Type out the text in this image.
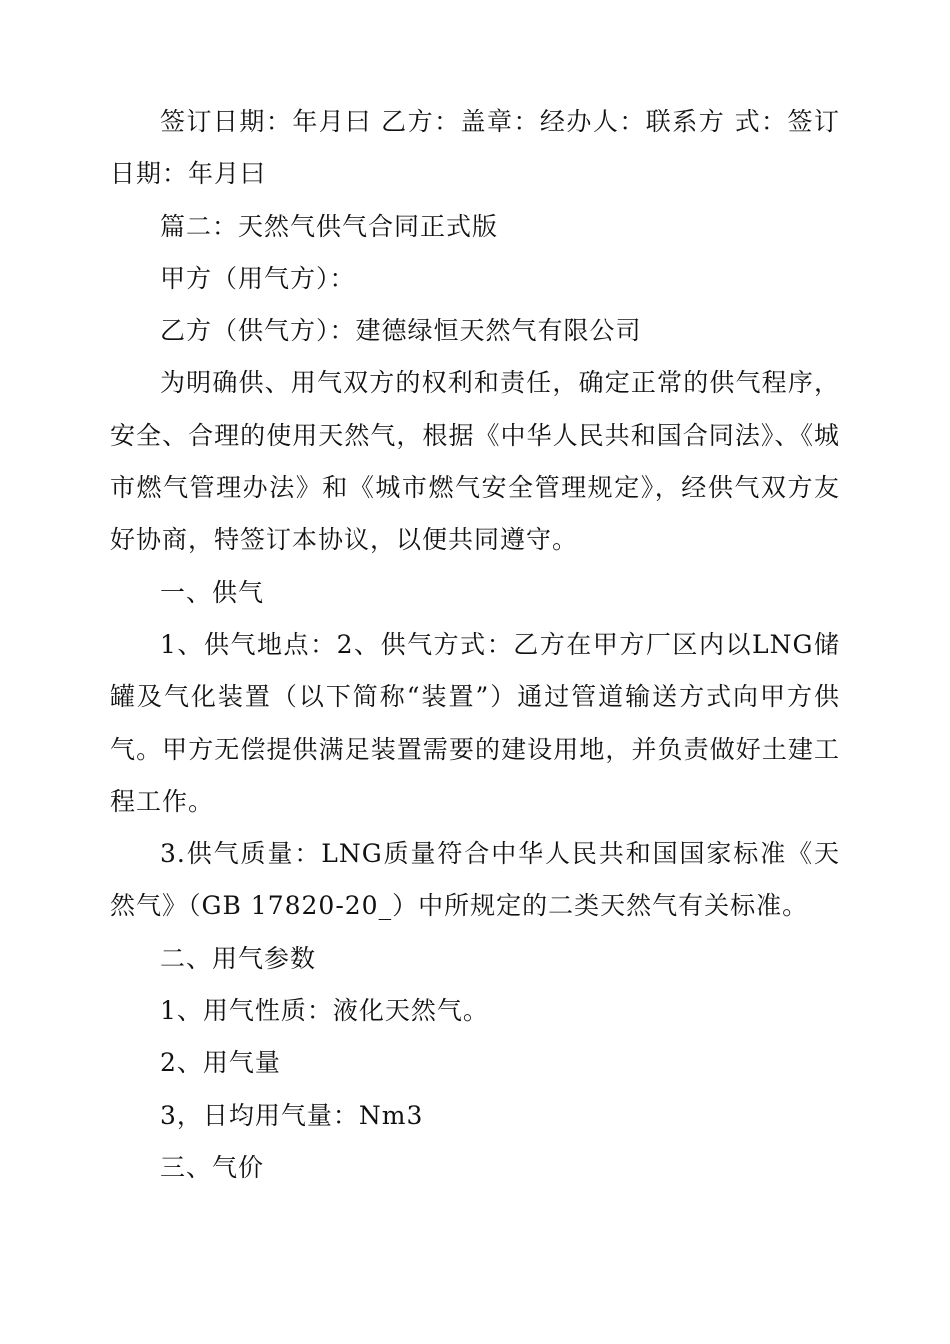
签订日期：年月曰 乙方：盖章：经办人：联系方 式：签订日期：年月曰

篇二：天然气供气合同正式版

甲方（用气方）：

乙方（供气方）：建德绿恒天然气有限公司

为明确供、用气双方的权利和责任，确定正常的供气程序，安全、合理的使用天然气，根据《中华人民共和国合同法》、《城市燃气管理办法》和《城市燃气安全管理规定》，经供气双方友好协商，特签订本协议，以便共同遵守。

一、供气

1、供气地点：2、供气方式：乙方在甲方厂区内以LNG储罐及气化装置（以下简称“装置”）通过管道输送方式向甲方供气。甲方无偿提供满足装置需要的建设用地，并负责做好土建工程工作。

3.供气质量：LNG质量符合中华人民共和国国家标准《天 然气》（GB 17820-20_）中所规定的二类天然气有关标准。

二、用气参数

1、用气性质：液化天然气。

2、用气量

3，日均用气量：Nm3

三、气价
